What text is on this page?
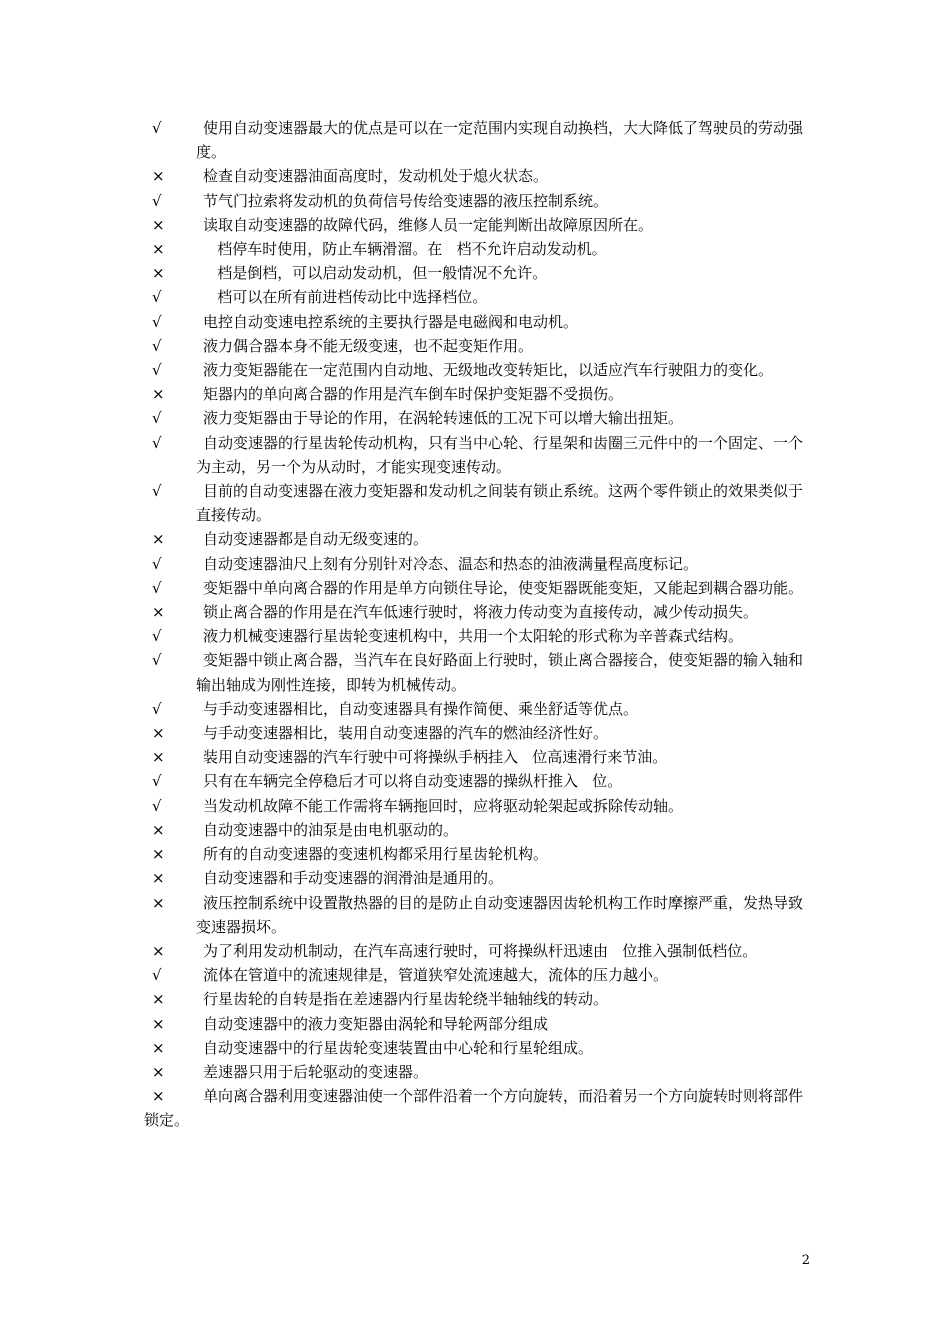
√	使用自动变速器最大的优点是可以在一定范围内实现自动换档，大大降低了驾驶员的劳动强度。
×	检查自动变速器油面高度时，发动机处于熄火状态。
√	节气门拉索将发动机的负荷信号传给变速器的液压控制系统。
×	读取自动变速器的故障代码，维修人员一定能判断出故障原因所在。
×	档停车时使用，防止车辆滑溜。在   档不允许启动发动机。
×	档是倒档，可以启动发动机，但一般情况不允许。
√	档可以在所有前进档传动比中选择档位。
√	电控自动变速电控系统的主要执行器是电磁阀和电动机。
√	液力偶合器本身不能无级变速，也不起变矩作用。
√	液力变矩器能在一定范围内自动地、无级地改变转矩比，以适应汽车行驶阻力的变化。
×	矩器内的单向离合器的作用是汽车倒车时保护变矩器不受损伤。
√	液力变矩器由于导论的作用，在涡轮转速低的工况下可以增大输出扭矩。
√	自动变速器的行星齿轮传动机构，只有当中心轮、行星架和齿圈三元件中的一个固定、一个为主动，另一个为从动时，才能实现变速传动。
√	目前的自动变速器在液力变矩器和发动机之间装有锁止系统。这两个零件锁止的效果类似于直接传动。
×	自动变速器都是自动无级变速的。
√	自动变速器油尺上刻有分别针对冷态、温态和热态的油液满量程高度标记。
√	变矩器中单向离合器的作用是单方向锁住导论，使变矩器既能变矩，又能起到耦合器功能。
×	锁止离合器的作用是在汽车低速行驶时，将液力传动变为直接传动，减少传动损失。
√	液力机械变速器行星齿轮变速机构中，共用一个太阳轮的形式称为辛普森式结构。
√	变矩器中锁止离合器，当汽车在良好路面上行驶时，锁止离合器接合，使变矩器的输入轴和输出轴成为刚性连接，即转为机械传动。
√	与手动变速器相比，自动变速器具有操作简便、乘坐舒适等优点。
×	与手动变速器相比，装用自动变速器的汽车的燃油经济性好。
×	装用自动变速器的汽车行驶中可将操纵手柄挂入   位高速滑行来节油。
√	只有在车辆完全停稳后才可以将自动变速器的操纵杆推入   位。
√	当发动机故障不能工作需将车辆拖回时，应将驱动轮架起或拆除传动轴。
×	自动变速器中的油泵是由电机驱动的。
×	所有的自动变速器的变速机构都采用行星齿轮机构。
×	自动变速器和手动变速器的润滑油是通用的。
×	液压控制系统中设置散热器的目的是防止自动变速器因齿轮机构工作时摩擦严重，发热导致变速器损坏。
×	为了利用发动机制动，在汽车高速行驶时，可将操纵杆迅速由   位推入强制低档位。
√	流体在管道中的流速规律是，管道狭窄处流速越大，流体的压力越小。
×	行星齿轮的自转是指在差速器内行星齿轮绕半轴轴线的转动。
×	自动变速器中的液力变矩器由涡轮和导轮两部分组成
×	自动变速器中的行星齿轮变速装置由中心轮和行星轮组成。
×	差速器只用于后轮驱动的变速器。
×	单向离合器利用变速器油使一个部件沿着一个方向旋转，而沿着另一个方向旋转时则将部件锁定。
2
